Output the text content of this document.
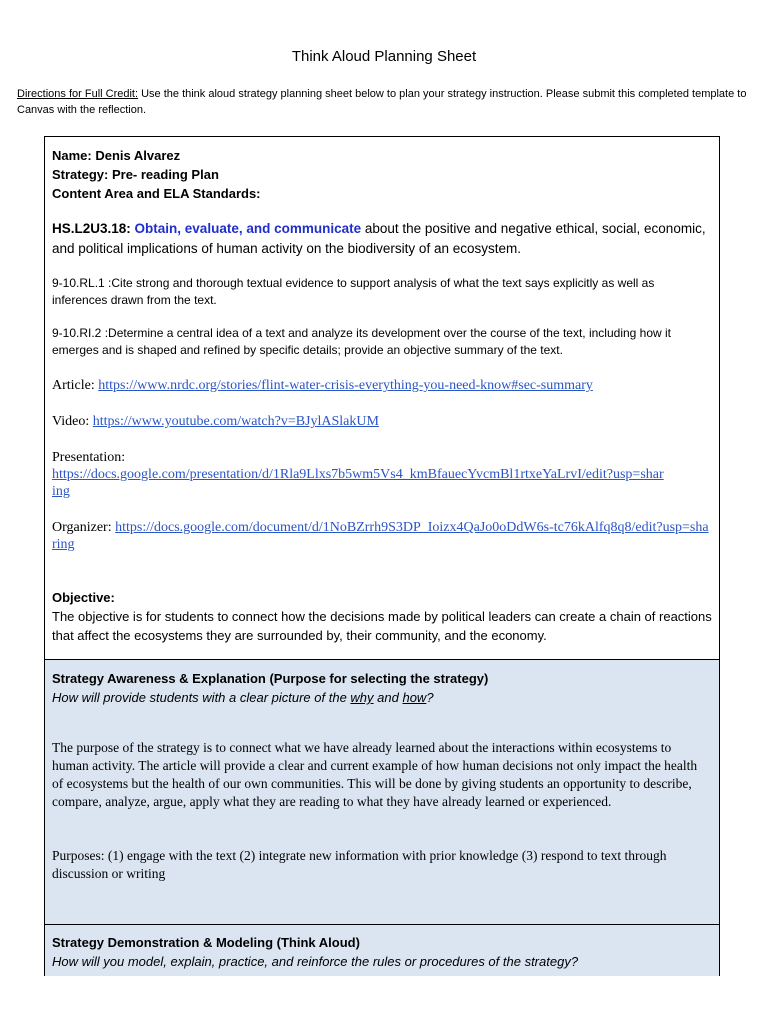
Think Aloud Planning Sheet
Directions for Full Credit: Use the think aloud strategy planning sheet below to plan your strategy instruction. Please submit this completed template to Canvas with the reflection.
Name: Denis Alvarez
Strategy: Pre- reading Plan
Content Area and ELA Standards:
HS.L2U3.18: Obtain, evaluate, and communicate about the positive and negative ethical, social, economic, and political implications of human activity on the biodiversity of an ecosystem.
9-10.RL.1 :Cite strong and thorough textual evidence to support analysis of what the text says explicitly as well as inferences drawn from the text.
9-10.RI.2 :Determine a central idea of a text and analyze its development over the course of the text, including how it emerges and is shaped and refined by specific details; provide an objective summary of the text.
Article: https://www.nrdc.org/stories/flint-water-crisis-everything-you-need-know#sec-summary
Video: https://www.youtube.com/watch?v=BJylASlakUM
Presentation:
https://docs.google.com/presentation/d/1Rla9Llxs7b5wm5Vs4_kmBfauecYvcmBl1rtxeYaLrvI/edit?usp=sharing
Organizer: https://docs.google.com/document/d/1NoBZrrh9S3DP_Ioizx4QaJo0oDdW6s-tc76kAlfq8q8/edit?usp=sharing
Objective:
The objective is for students to connect how the decisions made by political leaders can create a chain of reactions that affect the ecosystems they are surrounded by, their community, and the economy.
Strategy Awareness & Explanation (Purpose for selecting the strategy)
How will provide students with a clear picture of the why and how?
The purpose of the strategy is to connect what we have already learned about the interactions within ecosystems to human activity. The article will provide a clear and current example of how human decisions not only impact the health of ecosystems but the health of our own communities. This will be done by giving students an opportunity to describe, compare, analyze, argue, apply what they are reading to what they have already learned or experienced.
Purposes: (1) engage with the text (2) integrate new information with prior knowledge (3) respond to text through discussion or writing
Strategy Demonstration & Modeling (Think Aloud)
How will you model, explain, practice, and reinforce the rules or procedures of the strategy?
